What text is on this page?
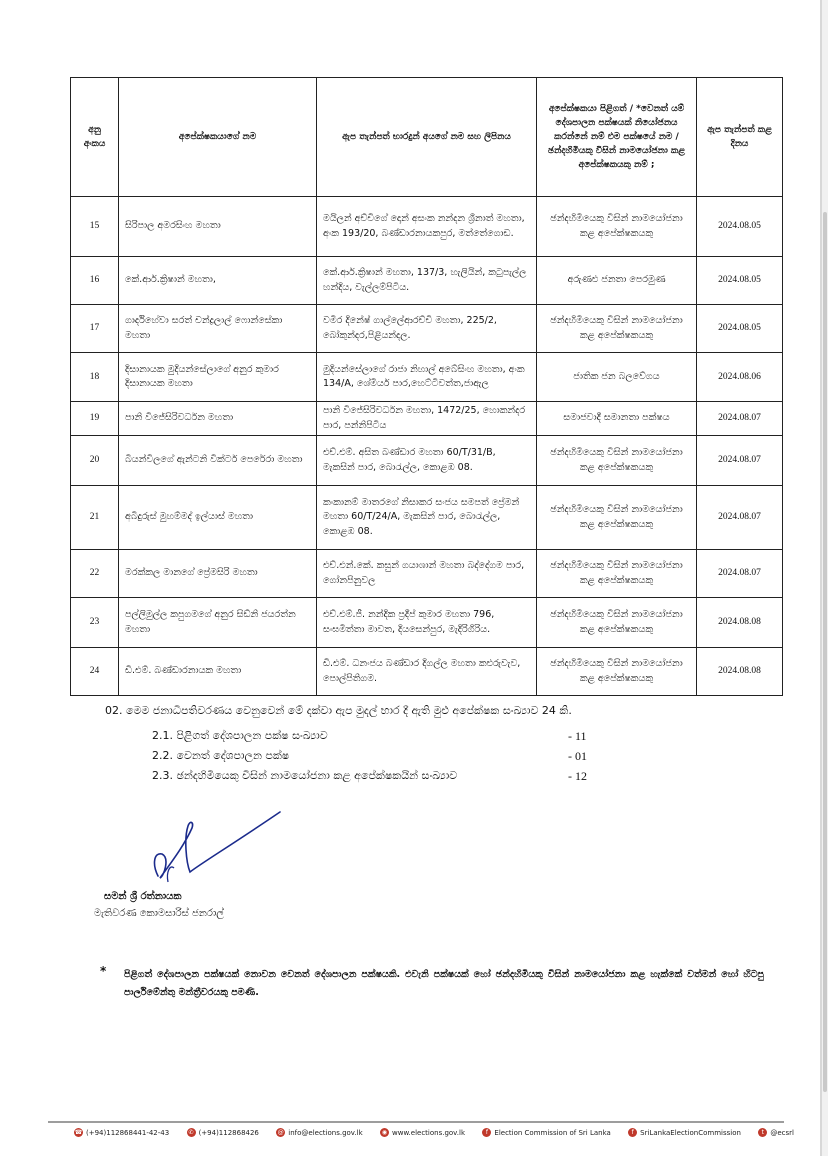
අනු අංකය	අපේක්ෂකයාගේ නම	ඇප තැන්පත් භාරදුන් අයගේ නම සහ ලිපිනය	අපේක්ෂකයා පිළිගත් / *වෙනත් යම් දේශපාලන පක්ෂයක් නියෝජනය කරන්නේ නම් එම පක්ෂයේ නම / ඡන්දහිමියකු විසින් නාමයෝජනා කළ අපේක්ෂකයකු නම් ;	ඇප තැන්පත් කළ දිනය
15	සිරිපාල අමරසිංහ මහතා	මයිලන් අච්චිගේ දොන් අසංක නන්දන ශ්‍රීනාත් මහතා, අංක 193/20, බණ්ඩාරනායකපුර, මත්තේගොඩ.	ඡන්දහිමියෙකු විසින් නාමයෝජනා කළ අපේක්ෂකයකු	2024.08.05
16	කේ.ආර්.ක්‍රිෂාන් මහතා,	කේ.ආර්.ක්‍රිෂාන් මහතා, 137/3, හැලියින්, කටුපැල්ල හන්දිය, වැල්ලම්පිටිය.	අරුණළු ජනතා පෙරමුණ	2024.08.05
17	ගාර්දිහේවා සරත් චන්ද්‍රලාල් ෆොන්සේකා මහතා	වමිර දිනේෂ් ගාල්ලේආරච්චි මහතා, 225/2, බෝකුන්දර,පිළියන්දල.	ඡන්දහිමියෙකු විසින් නාමයෝජනා කළ අපේක්ෂකයකු	2024.08.05
18	දිසානායක මුදියන්සේලාගේ අනුර කුමාර දිසානායක මහතා	මුදියන්සේලාගේ රාජා නිහාල් අබේසිංහ මහතා, අංක 134/A, ශේමියර් පාර,හෙට්ටිවත්ත,ජාඇල	ජාතික ජන බලවේගය	2024.08.06
19	පානි විජේසිරිවර්ධන මහතා	පානි විජේසිරිවර්ධන මහතා, 1472/25, හොකන්දර පාර, පන්නිපිටිය	සමාජවාදී සමානතා පක්ෂය	2024.08.07
20	බියන්විලගේ ඇන්ටනි වික්ටර් පෙරේරා මහතා	එච්.එම්. අසිත බණ්ඩාර මහතා 60/T/31/B, මැකසින් පාර, බොරැල්ල, කොළඹ 08.	ඡන්දහිමියෙකු විසින් නාමයෝජනා කළ අපේක්ෂකයකු	2024.08.07
21	අබිදුරුස් මුහම්මද් ඉල්යාස් මහතා	කංකානම් මාතරගේ නිසාකර සංජය සමපත් ප්‍රේමන් මහතා 60/T/24/A, මැකසින් පාර, බොරැල්ල, කොළඹ 08.	ඡන්දහිමියෙකු විසින් නාමයෝජනා කළ අපේක්ෂකයකු	2024.08.07
22	මරක්කල මානගේ ප්‍රේමසිරි මහතා	එච්.එන්.කේ. කසුන් ගයාශාන් මහතා බද්දේගම පාර, ගෝනපිනුවල	ඡන්දහිමියෙකු විසින් නාමයෝජනා කළ අපේක්ෂකයකු	2024.08.07
23	පල්ලිමුල්ල කපුගමගේ අනුර සිඩ්නි ජයරත්න මහතා	එච්.එම්.ජී. නන්දික ප්‍රදීප් කුමාර මහතා 796, සංඝමිත්තා මාවත, දියසෙන්පුර, මැදිරිගිරිය.	ඡන්දහිමියෙකු විසින් නාමයෝජනා කළ අපේක්ෂකයකු	2024.08.08
24	ඩී.එම්. බණ්ඩාරනායක මහතා	ඩී.එම්. ධනංජය බණ්ඩාර දිගල්ල මහතා කළුරුවැව, පොල්පිතිගම.	ඡන්දහිමියෙකු විසින් නාමයෝජනා කළ අපේක්ෂකයකු	2024.08.08
02. මෙම ජනාධිපතිවරණය වෙනුවෙන් මේ දක්වා ඇප මුදල් භාර දී ඇති මුළු අපේක්ෂක සංඛ්‍යාව 24 කි.
2.1. පිළිගත් දේශපාලන පක්ෂ සංඛ්‍යාව	- 11
2.2. වෙනත් දේශපාලන පක්ෂ	- 01
2.3. ඡන්දහිමියෙකු විසින් නාමයෝජනා කළ අපේක්ෂකයින් සංඛ්‍යාව	- 12
සමන් ශ්‍රී රත්නායක
මැතිවරණ කොමසාරිස් ජනරාල්
* පිළිගත් දේශපාලන පක්ෂයක් නොවන වෙනත් දේශපාලන පක්ෂයකි. එවැනි පක්ෂයක් හෝ ඡන්දහිමියකු විසින් නාමයෝජනා කළ හැක්කේ වත්මන් හෝ හිටපු පාර්ලිමේන්තු මන්ත්‍රීවරයකු පමණි.
☎ (+94)112868441-42-43	✆ (+94)112868426	@ info@elections.gov.lk	◉ www.elections.gov.lk	f Election Commission of Sri Lanka	f SriLankaElectionCommission	t @ecsrl
